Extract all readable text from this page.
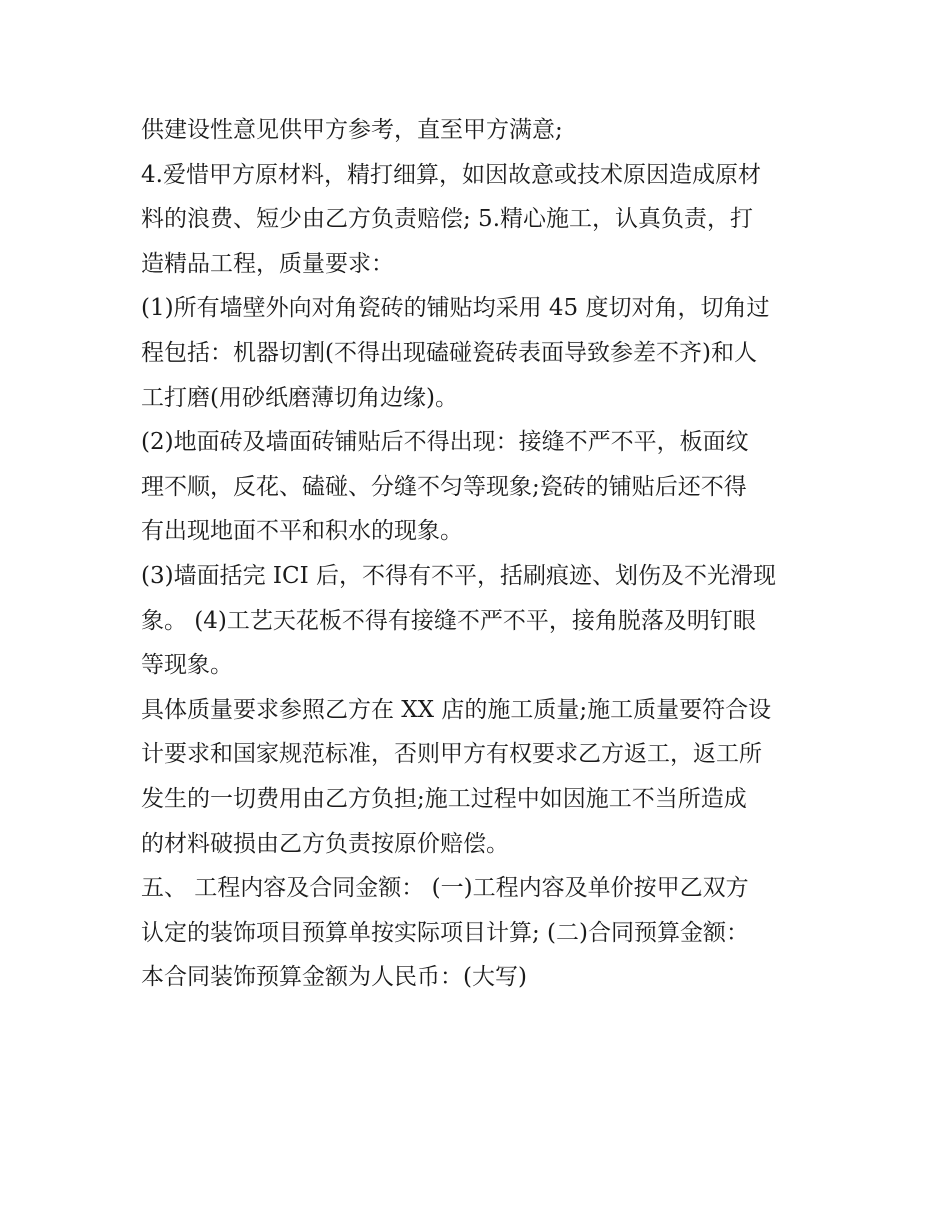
供建设性意见供甲方参考，直至甲方满意;

4.爱惜甲方原材料，精打细算，如因故意或技术原因造成原材
料的浪费、短少由乙方负责赔偿; 5.精心施工，认真负责，打
造精品工程，质量要求：

(1)所有墙壁外向对角瓷砖的铺贴均采用 45 度切对角，切角过
程包括：机器切割(不得出现磕碰瓷砖表面导致参差不齐)和人
工打磨(用砂纸磨薄切角边缘)。

(2)地面砖及墙面砖铺贴后不得出现：接缝不严不平，板面纹
理不顺，反花、磕碰、分缝不匀等现象;瓷砖的铺贴后还不得
有出现地面不平和积水的现象。

(3)墙面括完 ICI 后，不得有不平，括刷痕迹、划伤及不光滑现
象。 (4)工艺天花板不得有接缝不严不平，接角脱落及明钉眼
等现象。

具体质量要求参照乙方在 XX 店的施工质量;施工质量要符合设
计要求和国家规范标准，否则甲方有权要求乙方返工，返工所
发生的一切费用由乙方负担;施工过程中如因施工不当所造成
的材料破损由乙方负责按原价赔偿。

五、 工程内容及合同金额： (一)工程内容及单价按甲乙双方
认定的装饰项目预算单按实际项目计算; (二)合同预算金额：
本合同装饰预算金额为人民币：(大写)
